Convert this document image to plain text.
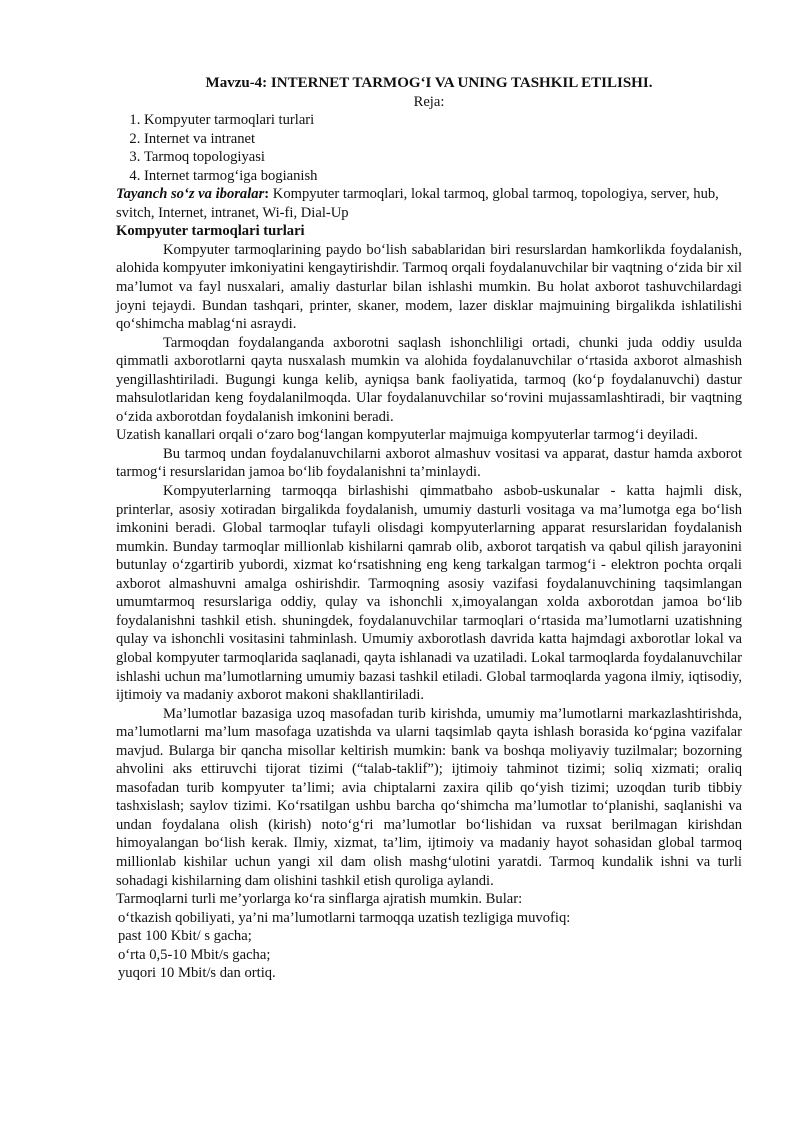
Mavzu-4: INTERNET TARMOG‘I VA UNING TASHKIL ETILISHI.

Reja:

1. Kompyuter tarmoqlari turlari
2. Internet va intranet
3. Tarmoq topologiyasi
4. Internet tarmog‘iga bogianish

Tayanch so‘z va iboralar: Kompyuter tarmoqlari, lokal tarmoq, global tarmoq, topologiya, server, hub, svitch, Internet, intranet, Wi-fi, Dial-Up

Kompyuter tarmoqlari turlari

Kompyuter tarmoqlarining paydo bo‘lish sabablaridan biri resurslardan hamkorlikda foydalanish, alohida kompyuter imkoniyatini kengaytirishdir. Tarmoq orqali foydalanuvchilar bir vaqtning o‘zida bir xil ma’lumot va fayl nusxalari, amaliy dasturlar bilan ishlashi mumkin. Bu holat axborot tashuvchilardagi joyni tejaydi. Bundan tashqari, printer, skaner, modem, lazer disklar majmuining birgalikda ishlatilishi qo‘shimcha mablag‘ni asraydi.

Tarmoqdan foydalanganda axborotni saqlash ishonchliligi ortadi, chunki juda oddiy usulda qimmatli axborotlarni qayta nusxalash mumkin va alohida foydalanuvchilar o‘rtasida axborot almashish yengillashtiriladi. Bugungi kunga kelib, ayniqsa bank faoliyatida, tarmoq (ko‘p foydalanuvchi) dastur mahsulotlaridan keng foydalanilmoqda. Ular foydalanuvchilar so‘rovini mujassamlashtiradi, bir vaqtning o‘zida axborotdan foydalanish imkonini beradi.

Uzatish kanallari orqali o‘zaro bog‘langan kompyuterlar majmuiga kompyuterlar tarmog‘i deyiladi.

Bu tarmoq undan foydalanuvchilarni axborot almashuv vositasi va apparat, dastur hamda axborot tarmog‘i resurslaridan jamoa bo‘lib foydalanishni ta’minlaydi.

Kompyuterlarning tarmoqqa birlashishi qimmatbaho asbob-uskunalar - katta hajmli disk, printerlar, asosiy xotiradan birgalikda foydalanish, umumiy dasturli vositaga va ma’lumotga ega bo‘lish imkonini beradi. Global tarmoqlar tufayli olisdagi kompyuterlarning apparat resurslaridan foydalanish mumkin. Bunday tarmoqlar millionlab kishilarni qamrab olib, axborot tarqatish va qabul qilish jarayonini butunlay o‘zgartirib yubordi, xizmat ko‘rsatishning eng keng tarkalgan tarmog‘i - elektron pochta orqali axborot almashuvni amalga oshirishdir. Tarmoqning asosiy vazifasi foydalanuvchining taqsimlangan umumtarmoq resurslariga oddiy, qulay va ishonchli x,imoyalangan xolda axborotdan jamoa bo‘lib foydalanishni tashkil etish. shuningdek, foydalanuvchilar tarmoqlari o‘rtasida ma’lumotlarni uzatishning qulay va ishonchli vositasini tahminlash. Umumiy axborotlash davrida katta hajmdagi axborotlar lokal va global kompyuter tarmoqlarida saqlanadi, qayta ishlanadi va uzatiladi. Lokal tarmoqlarda foydalanuvchilar ishlashi uchun ma’lumotlarning umumiy bazasi tashkil etiladi. Global tarmoqlarda yagona ilmiy, iqtisodiy, ijtimoiy va madaniy axborot makoni shakllantiriladi.

Ma’lumotlar bazasiga uzoq masofadan turib kirishda, umumiy ma’lumotlarni markazlashtirishda, ma’lumotlarni ma’lum masofaga uzatishda va ularni taqsimlab qayta ishlash borasida ko‘pgina vazifalar mavjud. Bularga bir qancha misollar keltirish mumkin: bank va boshqa moliyaviy tuzilmalar; bozorning ahvolini aks ettiruvchi tijorat tizimi (“talab-taklif”); ijtimoiy tahminot tizimi; soliq xizmati; oraliq masofadan turib kompyuter ta’limi; avia chiptalarni zaxira qilib qo‘yish tizimi; uzoqdan turib tibbiy tashxislash; saylov tizimi. Ko‘rsatilgan ushbu barcha qo‘shimcha ma’lumotlar to‘planishi, saqlanishi va undan foydalana olish (kirish) noto‘g‘ri ma’lumotlar bo‘lishidan va ruxsat berilmagan kirishdan himoyalangan bo‘lish kerak. Ilmiy, xizmat, ta’lim, ijtimoiy va madaniy hayot sohasidan global tarmoq millionlab kishilar uchun yangi xil dam olish mashg‘ulotini yaratdi. Tarmoq kundalik ishni va turli sohadagi kishilarning dam olishini tashkil etish quroliga aylandi.

Tarmoqlarni turli me’yorlarga ko‘ra sinflarga ajratish mumkin. Bular:

o‘tkazish qobiliyati, ya’ni ma’lumotlarni tarmoqqa uzatish tezligiga muvofiq:

past 100 Kbit/ s gacha;

o‘rta 0,5-10 Mbit/s gacha;

yuqori 10 Mbit/s dan ortiq.
